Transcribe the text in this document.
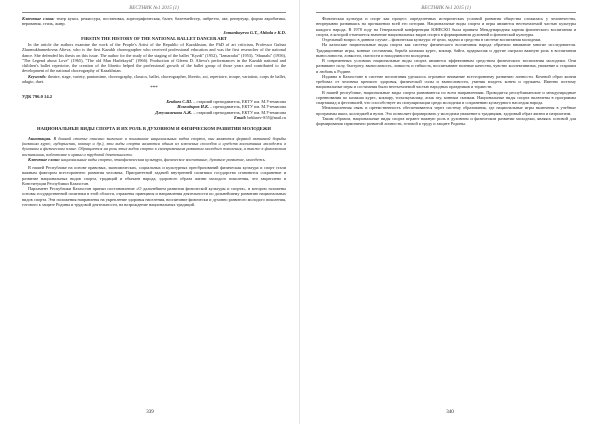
ВЕСТНИК №1 2015 (1)

Ключевые слова: театр кукол, режиссура, постановка, хореографическая, балет, балетмейстер, либретто, акт, репертуар, форма акробатика, верования, стиль, жанр.

Jomanbayeva G.T., Ahbala e K.D.
FIRSTIN THE HISTORY OF THE NATIONAL BALLET DANCER ART

In the article the authors examine the work of the People's Artist of the Republic of Kazakhstan, the PhD of art criticism, Professor Gulnar Zharmukhamedovna Alieva, who is the first Kazakh choreographer who received professional education and was the first researcher of the national dance. She defended his thesis on this issue. The author for the study of the staging of the ballet "Kyzdi" (1952), "Izmaradai" (1953), "Shunalu" (1956), "The Legend about Love" (1965), "The old Man Harlekayid" (1966). Production of Gleem D. Alieva's performances in the Kazakh national and children's ballet repertoire, the creation of the libretto helped the professional growth of the ballet group of those years and contributed to the development of the national choreography of Kazakhstan.

Keywords: theatre, stage, variety, pantomime, choreography, classics, ballet, choreographer, libretto, act, repertoire, troupe, variation, corps de ballet, adagio, duet.

***
УДК 796.0 14.2
Бекбаев С.Ш. – старший преподаватель, ЕКТУ им. М.Утемисова
Искендиров И.К. – преподаватель, ЕКТУ им. М.Утемисова
Джумамекова А.Ж. – старший преподаватель, ЕКТУ им. М.Утемисова
Email: bekbaev-S55@mail.ru
НАЦИОНАЛЬНЫЕ ВИДЫ СПОРТА И ИХ РОЛЬ В ДУХОВНОМ И ФИЗИЧЕСКОМ РАЗВИТИИ МОЛОДЕЖИ

Аннотация. В данной статье описано значение и понимание национальных видов спорта, они являются формой активной борьбы (казакша курес, аударыспак, кокпар и др.), эти виды спорта являются одним из ключевых способов и средств воспитания молодежи в духовном и физическом плане. Обращается на роль этих видов спорта в своевременном развитии молодого поколения, а также в физическом воспитании, подготовке к армии и трудовой деятельности.

Ключевые слова: национальные виды спорта, этнофизическая культура, физическое воспитание, духовное развитие, молодежь.

В нашей Республике на основе правовых, экономических, социальных и культурных преобразований физическая культура и спорт стали важным фактором всестороннего развития человека. Приоритетной задачей внутренней политики государства становится сохранение и развитие национальных видов спорта, традиций и обычаев народа, здорового образа жизни молодого поколения, что закреплено в Конституции Республики Казахстан.

Парламент Республики Казахстан принял постановление «О дальнейшем развитии физической культуры и спорта», в котором заложены основы государственной политики в этой области, отражены принципы и направления деятельности по дальнейшему развитию национальных видов спорта. Эти положения направлены на укрепление здоровья населения, воспитание физически и духовно развитого молодого поколения, готового к защите Родины и трудовой деятельности, на возрождение национальных традиций.

339
ВЕСТНИК №1 2015 (1)

Физическая культура и спорт как процесс определенных исторических условий развития общества сложилась у человечества, непрерывно развиваясь на протяжении всей его истории. Национальные виды спорта и игры являются неотъемлемой частью культуры каждого народа. В 1978 году на Генеральной конференции ЮНЕСКО была принята Международная хартия физического воспитания и спорта, в которой отмечается значение национальных видов спорта в формировании духовной и физической культуры.

Отдельный вопрос в данном случае – физическая культура: её цели, задачи и средства в системе воспитания молодежи.

На казахские национальные виды спорта как систему физического воспитания народа обратили внимание многие исследователи. Традиционные игры, конные состязания, борьба казакша курес, кокпар, байга, аударыспак и другие сыграли важную роль в воспитании выносливости, ловкости, смелости и находчивости молодежи.

В современных условиях национальные виды спорта являются эффективным средством физического воспитания молодежи. Они развивают силу, быстроту, выносливость, ловкость и гибкость, воспитывают волевые качества, чувство коллективизма, уважение к старшим и любовь к Родине.

Издавна в Казахстане в системе воспитания уделялось огромное внимание всестороннему развитию личности. Кочевой образ жизни требовал от человека крепкого здоровья, физической силы и выносливости, умения владеть конем и оружием. Именно поэтому национальные игры и состязания были неотъемлемой частью народных праздников и торжеств.

В нашей республике, национальные виды спорта развиваются по всем направлениям. Проводятся республиканские и международные соревнования по казакша курес, кокпару, тогызкумалаку, асык ату, конным скачкам. Национальные виды спорта включены в программы спартакиад и фестивалей, что способствует их популяризации среди молодежи и сохранению культурного наследия народа.

Межпоколенная связь и преемственность обеспечиваются через систему образования, где национальные игры включены в учебные программы школ, колледжей и вузов. Это позволяет формировать у молодежи уважение к традициям, здоровый образ жизни и патриотизм.

Таким образом, национальные виды спорта играют важную роль в духовном и физическом развитии молодежи, являясь основой для формирования гармонично развитой личности, готовой к труду и защите Родины.

340
